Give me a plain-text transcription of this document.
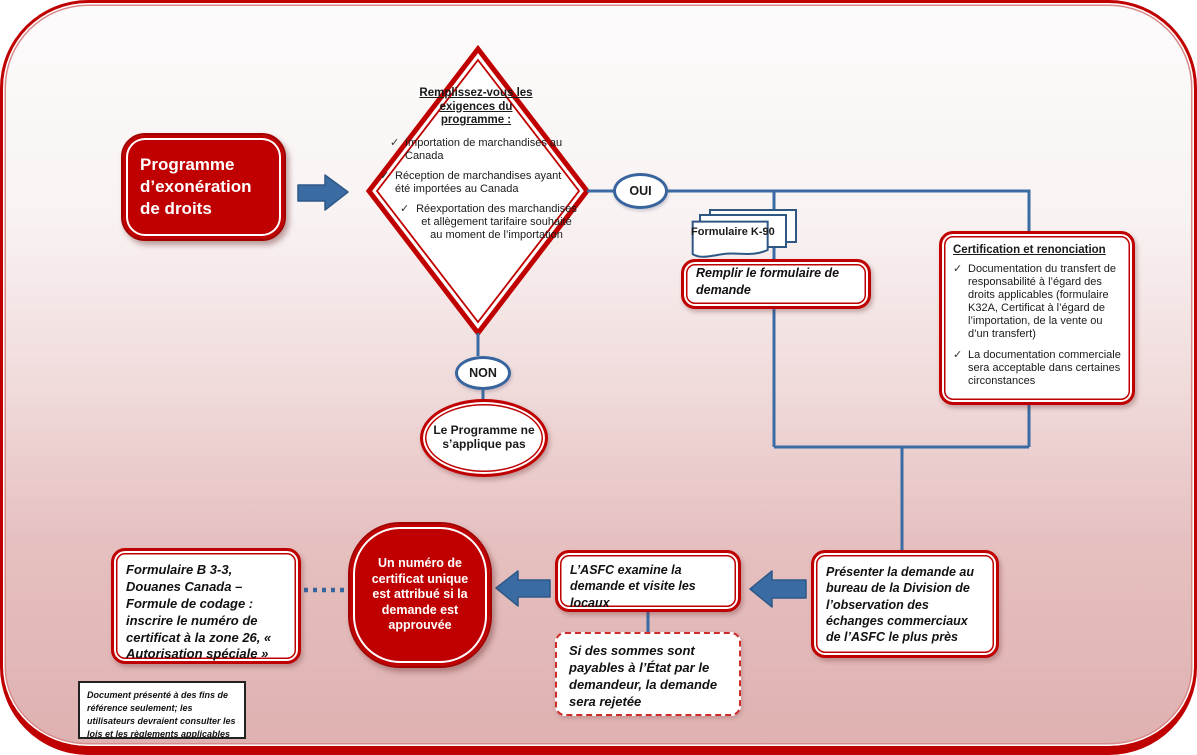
Programme d’exonération de droits
Remplissez-vous les exigences du programme :
✓ Importation de marchandises au Canada
✓ Réception de marchandises ayant été importées au Canada
✓ Réexportation des marchandises et allègement tarifaire souhaité au moment de l’importation
OUI
NON
Le Programme ne s’applique pas
Formulaire K-90
Remplir le formulaire de demande
Certification et renonciation
✓ Documentation du transfert de responsabilité à l’égard des droits applicables (formulaire K32A, Certificat à l’égard de l’importation, de la vente ou d’un transfert)
✓ La documentation commerciale sera acceptable dans certaines circonstances
Présenter la demande au bureau de la Division de l’observation des échanges commerciaux de l’ASFC le plus près
L’ASFC examine la demande et visite les locaux
Si des sommes sont payables à l’État par le demandeur, la demande sera rejetée
Un numéro de certificat unique est attribué si la demande est approuvée
Formulaire B 3-3, Douanes Canada – Formule de codage : inscrire le numéro de certificat à la zone 26, « Autorisation spéciale »
Document présenté à des fins de référence seulement; les utilisateurs devraient consulter les lois et les règlements applicables
